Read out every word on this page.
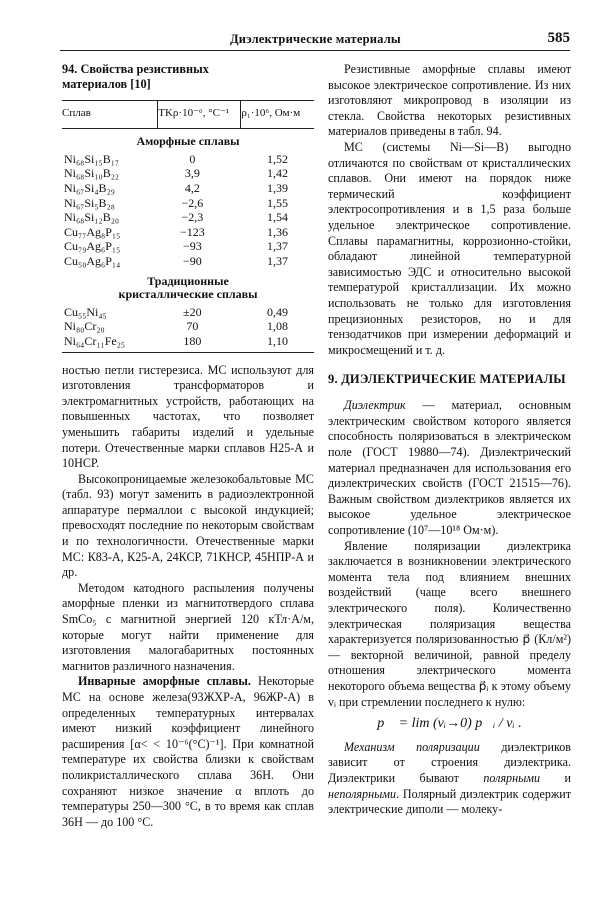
Диэлектрические материалы	585
94. Свойства резистивных
материалов [10]
Сплав	TKρ·10⁻⁶, °C⁻¹	ρ₁·10⁶, Ом·м
Аморфные сплавы		
Ni₆₈Si₁₅B₁₇	0	1,52
Ni₆₈Si₁₀B₂₂	3,9	1,42
Ni₆₇Si₄B₂₉	4,2	1,39
Ni₆₇Si₅B₂₈	−2,6	1,55
Ni₆₈Si₁₂B₂₀	−2,3	1,54
Cu₇₇Ag₈P₁₅	−123	1,36
Cu₇₉Ag₆P₁₅	−93	1,37
Cu₅₀Ag₆P₁₄	−90	1,37

Традиционные
кристаллические сплавы		

Cu₅₅Ni₄₅	±20	0,49
Ni₈₀Cr₂₀	70	1,08
Ni₆₄Cr₁₁Fe₂₅	180	1,10

ностью петли гистерезиса. МС используют для изготовления трансформаторов и электромагнитных устройств, работающих на повышенных частотах, что позволяет уменьшить габариты изделий и удельные потери. Отечественные марки сплавов Н25-А и 10НСР.

Высокопроницаемые железокобальтовые МС (табл. 93) могут заменить в радиоэлектронной аппаратуре пермаллои с высокой индукцией; превосходят последние по некоторым свойствам и по технологичности. Отечественные марки МС: К83-А, К25-А, 24КСР, 71КНСР, 45НПР-А и др.

Методом катодного распыления получены аморфные пленки из магнитотвердого сплава SmCo₅ с магнитной энергией 120 кТл·А/м, которые могут найти применение для изготовления малогабаритных постоянных магнитов различного назначения.

Инварные аморфные сплавы. Некоторые МС на основе железа(93ЖХР-А, 96ЖР-А) в определенных температурных интервалах имеют низкий коэффициент линейного расширения [α< < 10⁻⁶(°C)⁻¹]. При комнатной температуре их свойства близки к свойствам поликристаллического сплава 36Н. Они сохраняют низкое значение α вплоть до температуры 250—300 °С, в то время как сплав 36Н — до 100 °С.

Резистивные аморфные сплавы имеют высокое электрическое сопротивление. Из них изготовляют микропровод в изоляции из стекла. Свойства некоторых резистивных материалов приведены в табл. 94.

МС (системы Ni—Si—B) выгодно отличаются по свойствам от кристаллических сплавов. Они имеют на порядок ниже термический коэффициент электросопротивления и в 1,5 раза больше удельное электрическое сопротивление. Сплавы парамагнитны, коррозионно-стойки, обладают линейной температурной зависимостью ЭДС и относительно высокой температурой кристаллизации. Их можно использовать не только для изготовления прецизионных резисторов, но и для тензодатчиков при измерении деформаций и микросмещений и т. д.

9. ДИЭЛЕКТРИЧЕСКИЕ МАТЕРИАЛЫ

Диэлектрик — материал, основным электрическим свойством которого является способность поляризоваться в электрическом поле (ГОСТ 19880—74). Диэлектрический материал предназначен для использования его диэлектрических свойств (ГОСТ 21515—76). Важным свойством диэлектриков является их высокое удельное электрическое сопротивление (10⁷—10¹⁸ Ом·м).

Явление поляризации диэлектрика заключается в возникновении электрического момента тела под влиянием внешних воздействий (чаще всего внешнего электрического поля). Количественно электрическая поляризация вещества характеризуется поляризованностью p⃗ (Кл/м²) — векторной величиной, равной пределу отношения электрического момента некоторого объема вещества p⃗ᵢ к этому объему vᵢ при стремлении последнего к нулю:

p⃗ = lim (vᵢ→0) p⃗ᵢ / vᵢ .

Механизм поляризации диэлектриков зависит от строения диэлектрика. Диэлектрики бывают полярными и неполярными. Полярный диэлектрик содержит электрические диполи — молеку-
